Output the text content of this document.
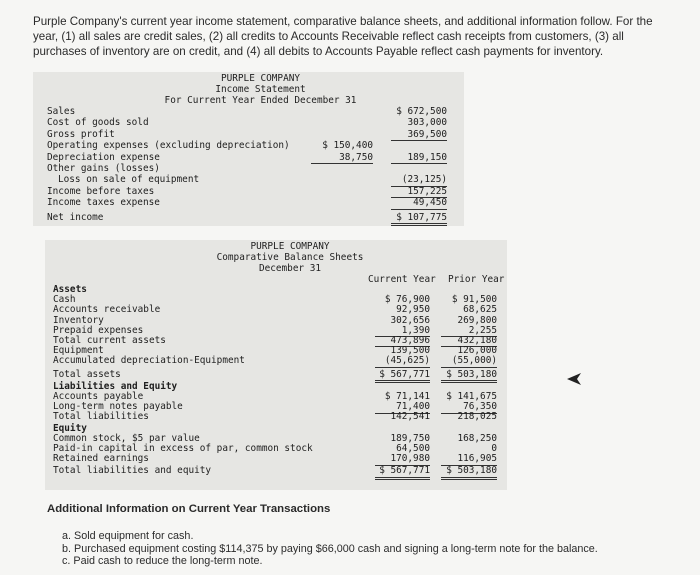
Purple Company's current year income statement, comparative balance sheets, and additional information follow. For the year, (1) all sales are credit sales, (2) all credits to Accounts Receivable reflect cash receipts from customers, (3) all purchases of inventory are on credit, and (4) all debits to Accounts Payable reflect cash payments for inventory.
PURPLE COMPANY
Income Statement
For Current Year Ended December 31
Sales	$ 672,500
Cost of goods sold	303,000
Gross profit	369,500
Operating expenses (excluding depreciation)	$ 150,400
Depreciation expense	38,750	189,150
Other gains (losses)
Loss on sale of equipment	(23,125)
Income before taxes	157,225
Income taxes expense	49,450
Net income	$ 107,775
PURPLE COMPANY
Comparative Balance Sheets
December 31
Current Year Prior Year
Assets
Cash	$ 76,900	$ 91,500
Accounts receivable	92,950	68,625
Inventory	302,656	269,800
Prepaid expenses	1,390	2,255
Total current assets	473,896	432,180
Equipment	139,500	126,000
Accumulated depreciation-Equipment	(45,625)	(55,000)
Total assets	$ 567,771	$ 503,180
Liabilities and Equity
Accounts payable	$ 71,141	$ 141,675
Long-term notes payable	71,400	76,350
Total liabilities	142,541	218,025
Equity
Common stock, $5 par value	189,750	168,250
Paid-in capital in excess of par, common stock	64,500	0
Retained earnings	170,980	116,905
Total liabilities and equity	$ 567,771	$ 503,180
Additional Information on Current Year Transactions
a. Sold equipment for cash.
b. Purchased equipment costing $114,375 by paying $66,000 cash and signing a long-term note for the balance.
c. Paid cash to reduce the long-term note.
